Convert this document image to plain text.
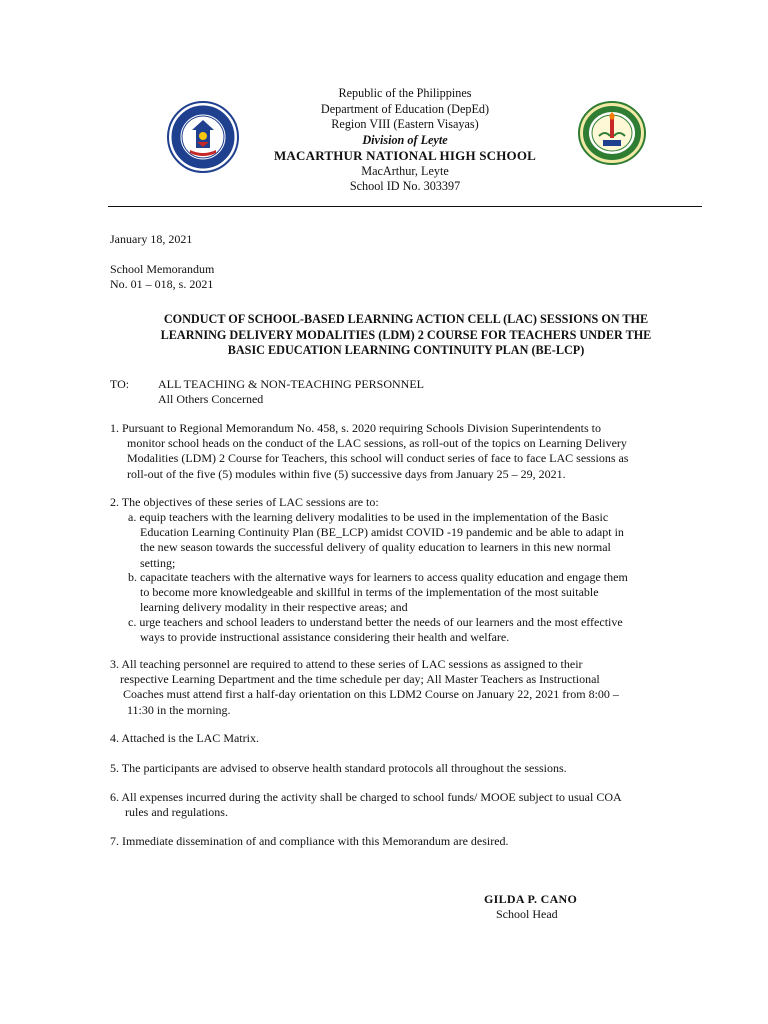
Republic of the Philippines
Department of Education (DepEd)
Region VIII (Eastern Visayas)
Division of Leyte
MACARTHUR NATIONAL HIGH SCHOOL
MacArthur, Leyte
School ID No. 303397
January 18, 2021
School Memorandum
No. 01 – 018, s. 2021
CONDUCT OF SCHOOL-BASED LEARNING ACTION CELL (LAC) SESSIONS ON THE
LEARNING DELIVERY MODALITIES (LDM) 2 COURSE FOR TEACHERS UNDER THE
BASIC EDUCATION LEARNING CONTINUITY PLAN (BE-LCP)
TO: ALL TEACHING & NON-TEACHING PERSONNEL
All Others Concerned
1. Pursuant to Regional Memorandum No. 458, s. 2020 requiring Schools Division Superintendents to
monitor school heads on the conduct of the LAC sessions, as roll-out of the topics on Learning Delivery
Modalities (LDM) 2 Course for Teachers, this school will conduct series of face to face LAC sessions as
roll-out of the five (5) modules within five (5) successive days from January 25 – 29, 2021.
2. The objectives of these series of LAC sessions are to:
a. equip teachers with the learning delivery modalities to be used in the implementation of the Basic
Education Learning Continuity Plan (BE_LCP) amidst COVID -19 pandemic and be able to adapt in
the new season towards the successful delivery of quality education to learners in this new normal
setting;
b. capacitate teachers with the alternative ways for learners to access quality education and engage them
to become more knowledgeable and skillful in terms of the implementation of the most suitable
learning delivery modality in their respective areas; and
c. urge teachers and school leaders to understand better the needs of our learners and the most effective
ways to provide instructional assistance considering their health and welfare.
3. All teaching personnel are required to attend to these series of LAC sessions as assigned to their
respective Learning Department and the time schedule per day; All Master Teachers as Instructional
Coaches must attend first a half-day orientation on this LDM2 Course on January 22, 2021 from 8:00 –
11:30 in the morning.
4. Attached is the LAC Matrix.
5. The participants are advised to observe health standard protocols all throughout the sessions.
6. All expenses incurred during the activity shall be charged to school funds/ MOOE subject to usual COA
rules and regulations.
7. Immediate dissemination of and compliance with this Memorandum are desired.
GILDA P. CANO
School Head
